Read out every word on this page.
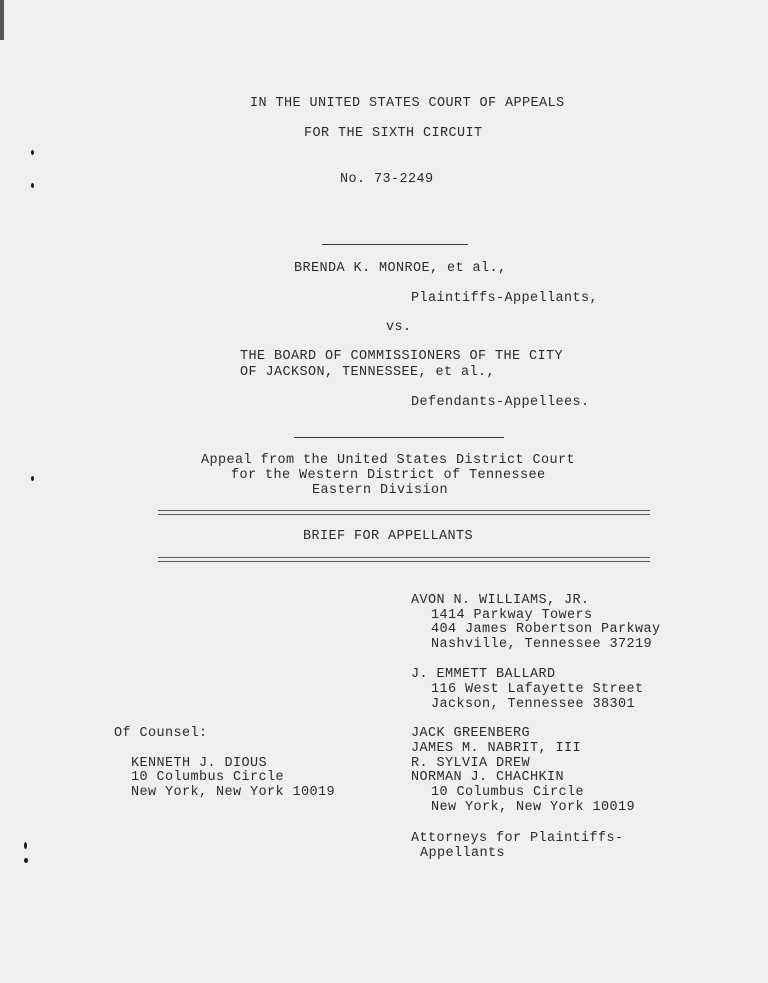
IN THE UNITED STATES COURT OF APPEALS
FOR THE SIXTH CIRCUIT
No. 73-2249
BRENDA K. MONROE, et al.,
Plaintiffs-Appellants,
vs.
THE BOARD OF COMMISSIONERS OF THE CITY
OF JACKSON, TENNESSEE, et al.,
Defendants-Appellees.
Appeal from the United States District Court
for the Western District of Tennessee
Eastern Division
BRIEF FOR APPELLANTS
AVON N. WILLIAMS, JR.
1414 Parkway Towers
404 James Robertson Parkway
Nashville, Tennessee 37219
J. EMMETT BALLARD
116 West Lafayette Street
Jackson, Tennessee 38301
JACK GREENBERG
JAMES M. NABRIT, III
R. SYLVIA DREW
NORMAN J. CHACHKIN
10 Columbus Circle
New York, New York 10019
Attorneys for Plaintiffs-
Appellants
Of Counsel:
KENNETH J. DIOUS
10 Columbus Circle
New York, New York 10019
